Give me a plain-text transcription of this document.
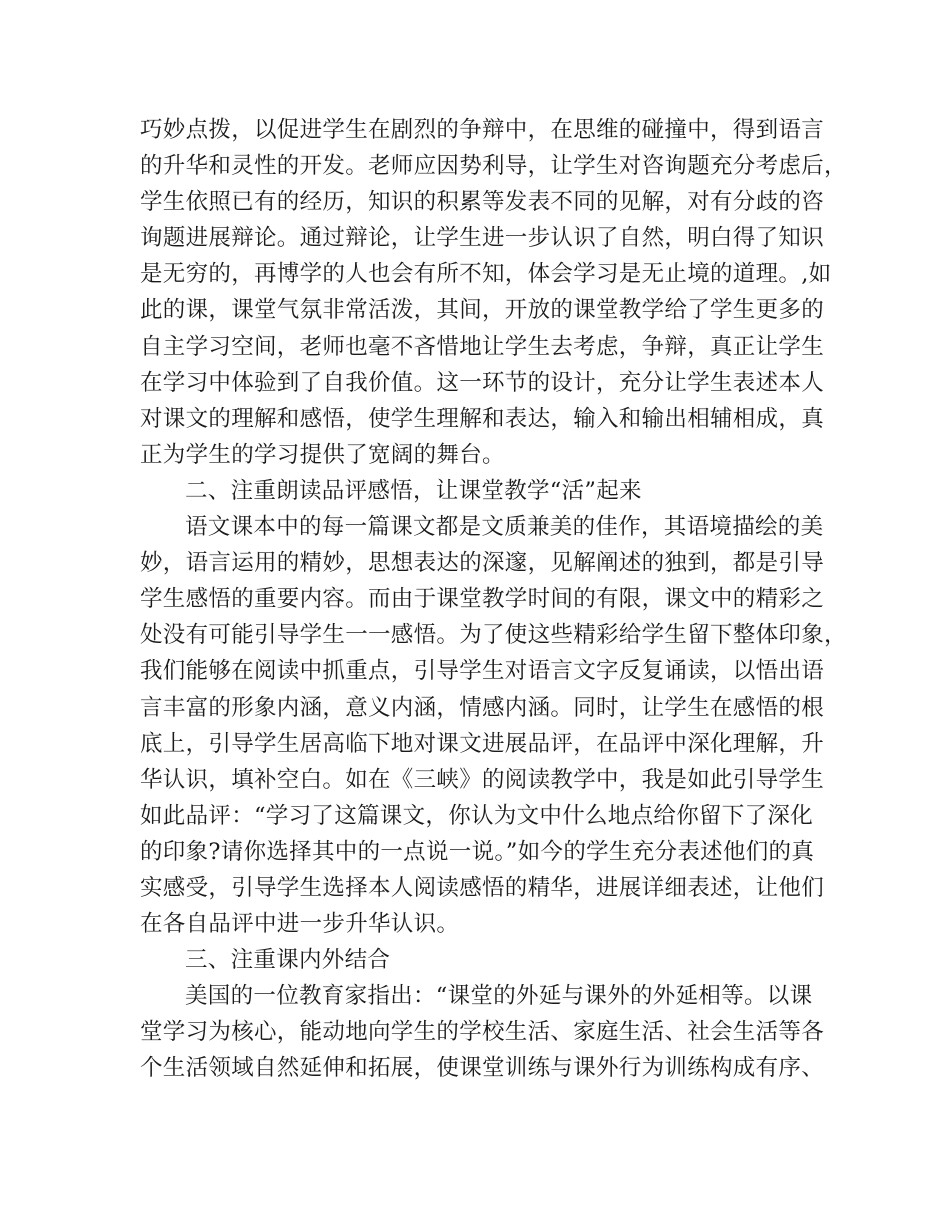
巧妙点拨，以促进学生在剧烈的争辩中，在思维的碰撞中，得到语言
的升华和灵性的开发。老师应因势利导，让学生对咨询题充分考虑后，
学生依照已有的经历，知识的积累等发表不同的见解，对有分歧的咨
询题进展辩论。通过辩论，让学生进一步认识了自然，明白得了知识
是无穷的，再博学的人也会有所不知，体会学习是无止境的道理。,如
此的课，课堂气氛非常活泼，其间，开放的课堂教学给了学生更多的
自主学习空间，老师也毫不吝惜地让学生去考虑，争辩，真正让学生
在学习中体验到了自我价值。这一环节的设计，充分让学生表述本人
对课文的理解和感悟，使学生理解和表达，输入和输出相辅相成，真
正为学生的学习提供了宽阔的舞台。
二、注重朗读品评感悟，让课堂教学“活”起来
语文课本中的每一篇课文都是文质兼美的佳作，其语境描绘的美
妙，语言运用的精妙，思想表达的深邃，见解阐述的独到，都是引导
学生感悟的重要内容。而由于课堂教学时间的有限，课文中的精彩之
处没有可能引导学生一一感悟。为了使这些精彩给学生留下整体印象，
我们能够在阅读中抓重点，引导学生对语言文字反复诵读，以悟出语
言丰富的形象内涵，意义内涵，情感内涵。同时，让学生在感悟的根
底上，引导学生居高临下地对课文进展品评，在品评中深化理解，升
华认识，填补空白。如在《三峡》的阅读教学中，我是如此引导学生
如此品评：“学习了这篇课文，你认为文中什么地点给你留下了深化
的印象?请你选择其中的一点说一说。”如今的学生充分表述他们的真
实感受，引导学生选择本人阅读感悟的精华，进展详细表述，让他们
在各自品评中进一步升华认识。
三、注重课内外结合
美国的一位教育家指出：“课堂的外延与课外的外延相等。以课
堂学习为核心，能动地向学生的学校生活、家庭生活、社会生活等各
个生活领域自然延伸和拓展，使课堂训练与课外行为训练构成有序、
